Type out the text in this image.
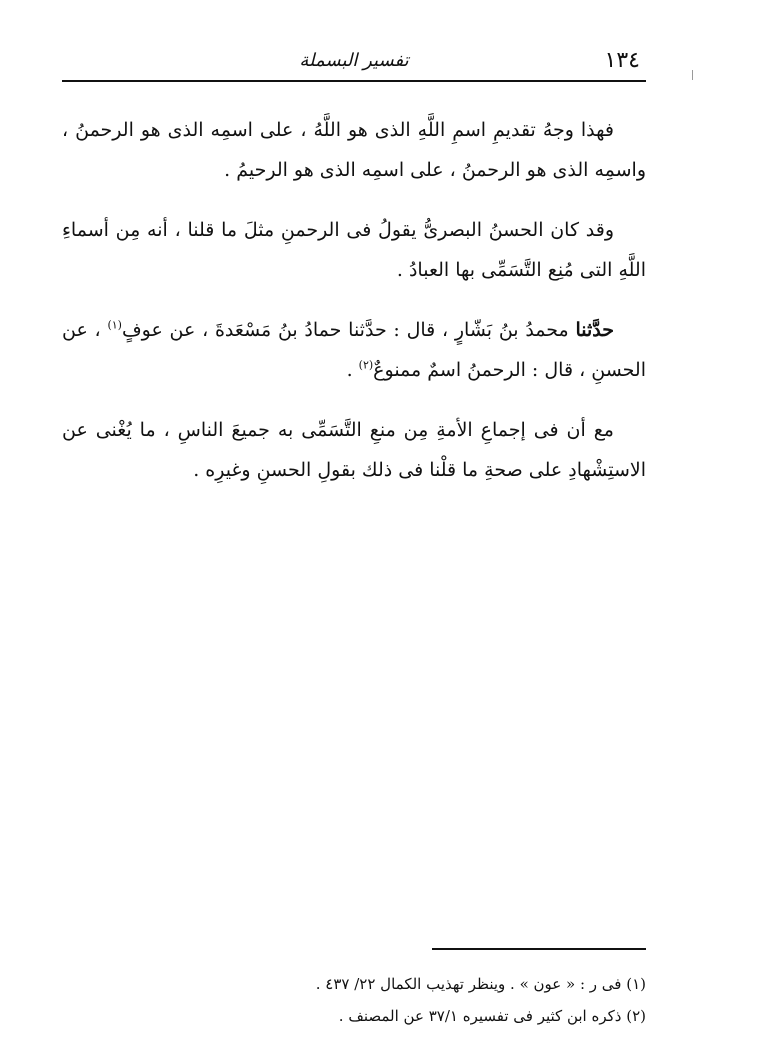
١٣٤
تفسير البسملة

فهذا وجهُ تقديمِ اسمِ اللَّهِ الذى هو اللَّهُ ، على اسمِه الذى هو الرحمنُ ، واسمِه الذى هو الرحمنُ ، على اسمِه الذى هو الرحيمُ .

وقد كان الحسنُ البصرىُّ يقولُ فى الرحمنِ مثلَ ما قلنا ، أنه مِن أسماءِ اللَّهِ التى مُنِع التَّسَمِّى بها العبادُ .

حدَّثنا محمدُ بنُ بَشّارٍ ، قال : حدَّثنا حمادُ بنُ مَسْعَدةَ ، عن عوفٍ$^{(١)}$ ، عن الحسنِ ، قال : الرحمنُ اسمٌ ممنوعٌ$^{(٢)}$ .

مع أن فى إجماعِ الأمةِ مِن منعِ التَّسَمِّى به جميعَ الناسِ ، ما يُغْنى عن الاستِشْهادِ على صحةِ ما قلْنا فى ذلك بقولِ الحسنِ وغيرِه .

(١) فى ر : « عون » . وينظر تهذيب الكمال ٢٢/ ٤٣٧ .

(٢) ذكره ابن كثير فى تفسيره ٣٧/١ عن المصنف .
